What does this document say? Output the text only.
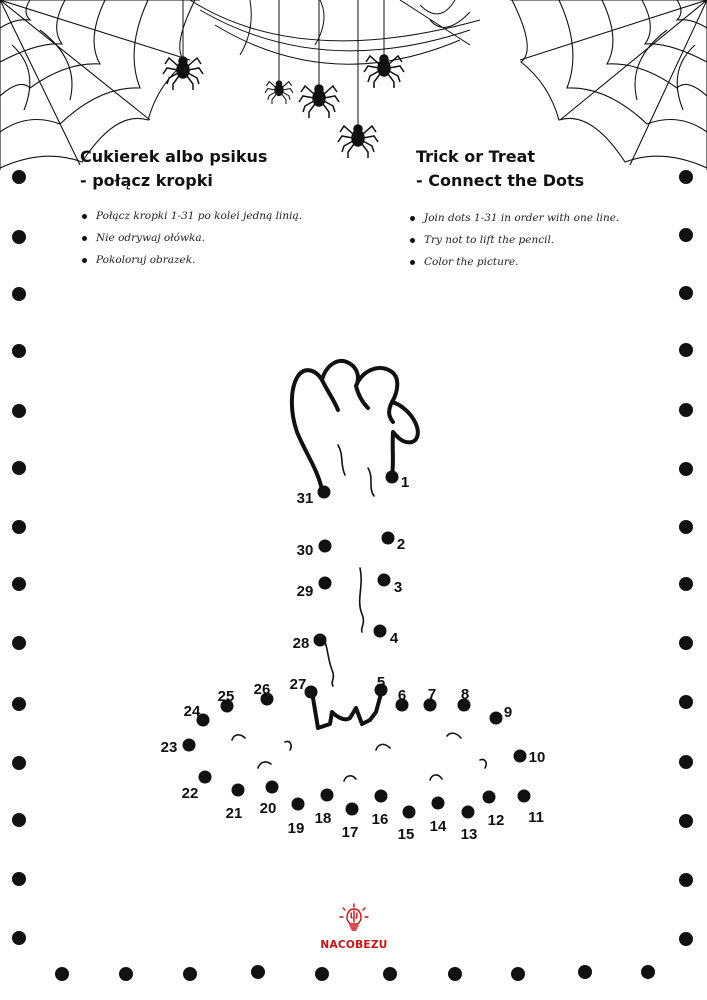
1
2
3
4
5
6 7 8
9
10
11
12
13
14
15
16
17
18
19
20
21
22
23
24
25 26 27
28
29
30
31
Cukierek albo psikus
- połącz kropki
Trick or Treat
- Connect the Dots
Połącz kropki 1-31 po kolei jedną linią.
Nie odrywaj ołówka.
Pokoloruj obrazek.
Join dots 1-31 in order with one line.
Try not to lift the pencil.
Color the picture.
NACOBEZU
